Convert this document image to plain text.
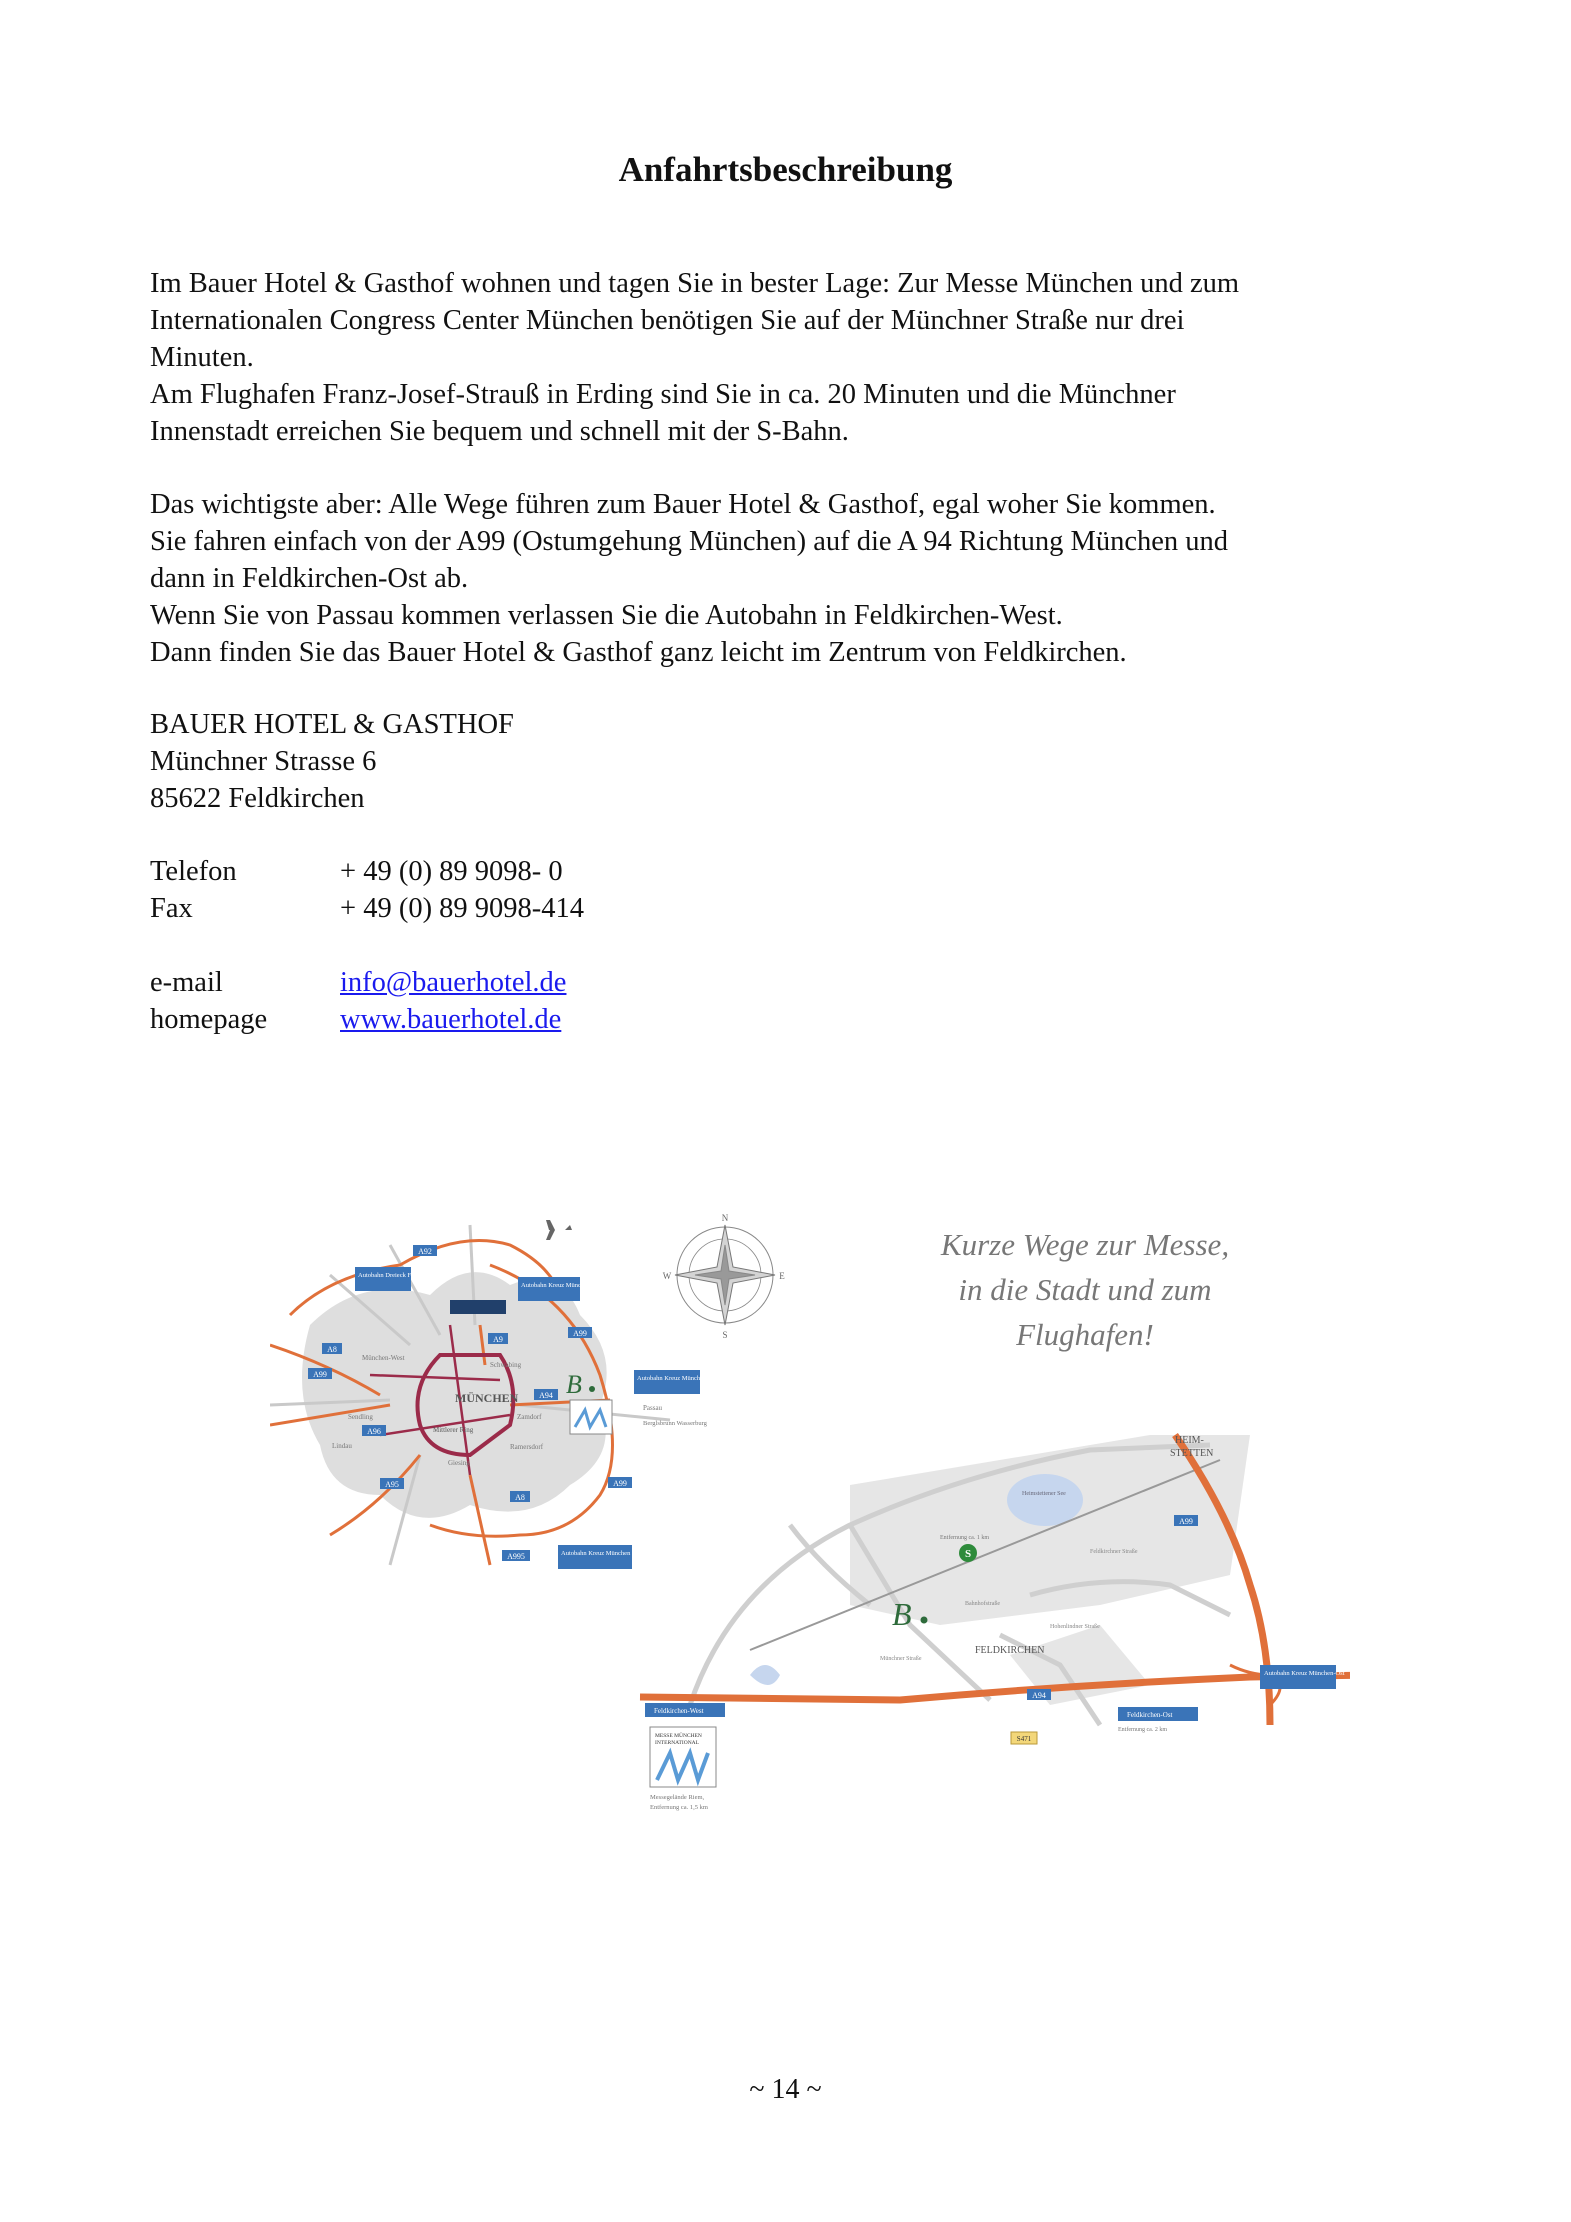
Anfahrtsbeschreibung
Im Bauer Hotel & Gasthof wohnen und tagen Sie in bester Lage: Zur Messe München und zum
Internationalen Congress Center München benötigen Sie auf der Münchner Straße nur drei
Minuten.
Am Flughafen Franz-Josef-Strauß in Erding sind Sie in ca. 20 Minuten und die Münchner
Innenstadt erreichen Sie bequem und schnell mit der S-Bahn.
Das wichtigste aber: Alle Wege führen zum Bauer Hotel & Gasthof, egal woher Sie kommen.
Sie fahren einfach von der A99 (Ostumgehung München) auf die A 94 Richtung München und
dann in Feldkirchen-Ost ab.
Wenn Sie von Passau kommen verlassen Sie die Autobahn in Feldkirchen-West.
Dann finden Sie das Bauer Hotel & Gasthof ganz leicht im Zentrum von Feldkirchen.
BAUER HOTEL & GASTHOF
Münchner Strasse 6
85622 Feldkirchen
Telefon	+ 49 (0) 89 9098- 0
Fax	+ 49 (0) 89 9098-414
e-mail	info@bauerhotel.de
homepage	www.bauerhotel.de
A92
A9
A99
A8
A94
A96
A95
A8
A99
A995
A99
Autobahn Dreieck Feldmoching
Autobahn Kreuz München Nord
Autobahn Kreuz München Ost
Autobahn Kreuz München Brunnthal
B
MÜNCHEN
Mittlerer Ring
München-West
Schwabing
Zamdorf
Passau
Berglsbrunn Wasserburg
Sendling
Ramersdorf
Giesing
Lindau
N
E
S
W
Kurze Wege zur Messe,
in die Stadt und zum
Flughafen!
Heimstettener See
A99
A94
S471
Feldkirchen-West	Feldkirchen-Ost
Entfernung ca. 2 km
Autobahn Kreuz München-Ost
S
Entfernung ca. 1 km
B
FELDKIRCHEN
HEIM-STETTEN
Feldkirchner Straße
Hohenlindner Straße
Münchner Straße
Bahnhofstraße
MESSE MÜNCHEN
INTERNATIONAL
Messegelände Riem,
Entfernung ca. 1,5 km
~ 14 ~
